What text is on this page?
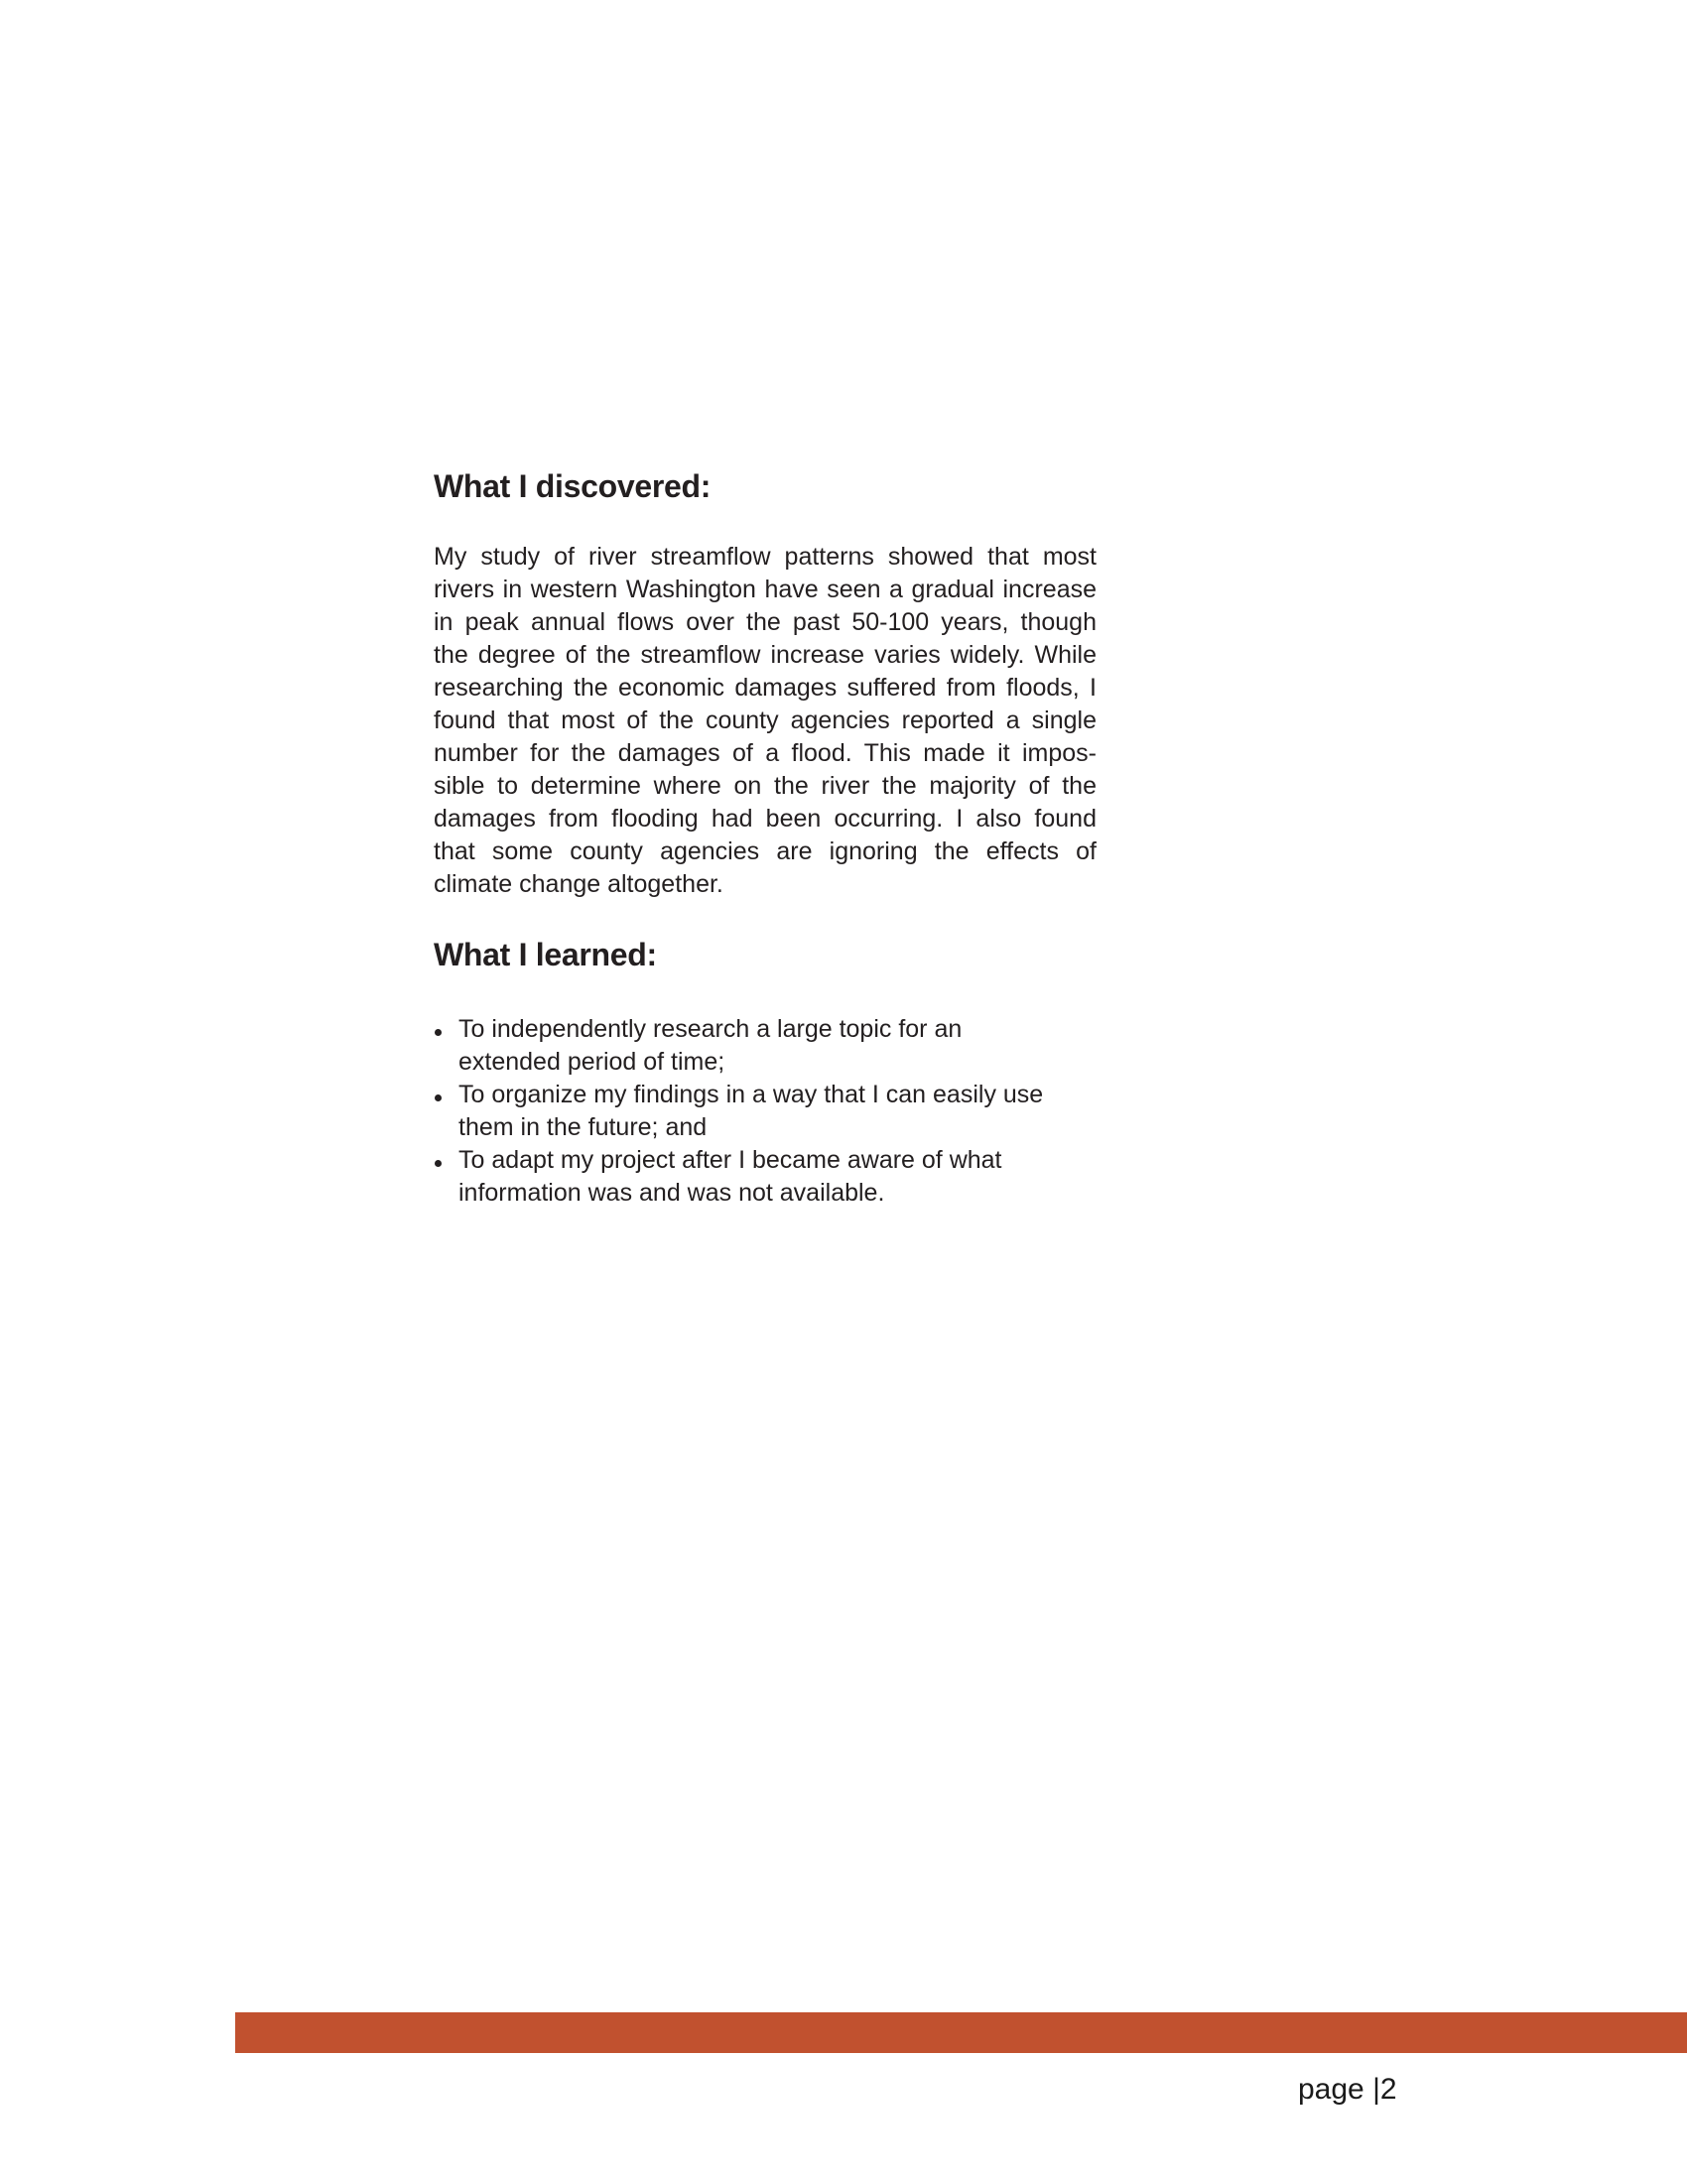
What I discovered:
My study of river streamflow patterns showed that most
rivers in western Washington have seen a gradual increase
in peak annual flows over the past 50-100 years, though
the degree of the streamflow increase varies widely. While
researching the economic damages suffered from floods, I
found that most of the county agencies reported a single
number for the damages of a flood. This made it impos-
sible to determine where on the river the majority of the
damages from flooding had been occurring. I also found
that some county agencies are ignoring the effects of
climate change altogether.
What I learned:
To independently research a large topic for an
extended period of time;
To organize my findings in a way that I can easily use
them in the future; and
To adapt my project after I became aware of what
information was and was not available.
page |2
